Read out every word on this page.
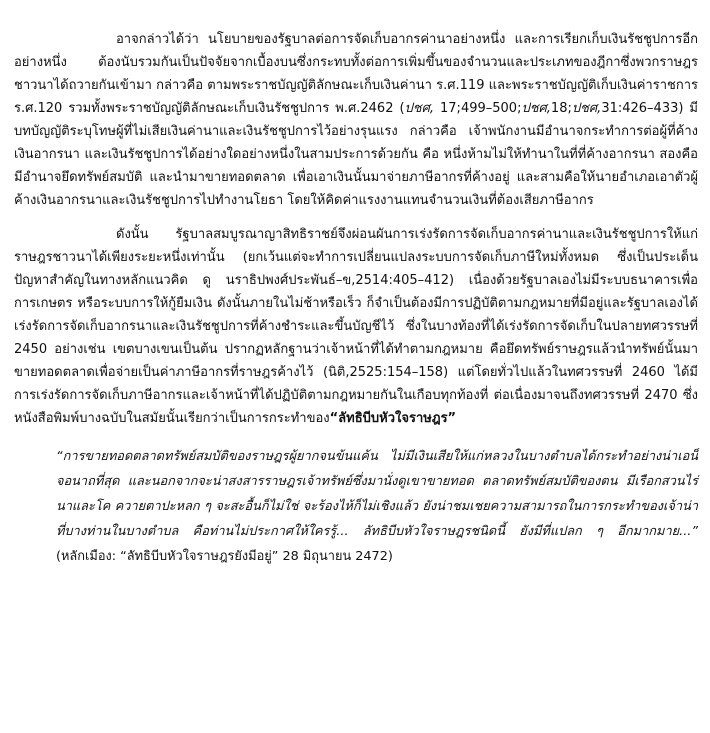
อาจกล่าวได้ว่า นโยบายของรัฐบาลต่อการจัดเก็บอากรค่านาอย่างหนึ่ง และการเรียกเก็บเงินรัชชูปการอีกอย่างหนึ่ง ต้องนับรวมกันเป็นปัจจัยจากเบื้องบนซึ่งกระทบทั้งต่อการเพิ่มขึ้นของจำนวนและประเภทของฎีกาซึ่งพวกราษฎรชาวนาได้ถวายกันเข้ามา กล่าวคือ ตามพระราชบัญญัติลักษณะเก็บเงินค่านา ร.ศ.119 และพระราชบัญญัติเก็บเงินค่าราชการ ร.ศ.120 รวมทั้งพระราชบัญญัติลักษณะเก็บเงินรัชชูปการ พ.ศ.2462 (ปชศ, 17;499–500;ปชศ,18;ปชศ,31:426–433) มีบทบัญญัติระบุโทษผู้ที่ไม่เสียเงินค่านาและเงินรัชชูปการไว้อย่างรุนแรง กล่าวคือ เจ้าพนักงานมีอำนาจกระทำการต่อผู้ที่ค้างเงินอากรนา และเงินรัชชูปการได้อย่างใดอย่างหนึ่งในสามประการด้วยกัน คือ หนึ่งห้ามไม่ให้ทำนาในที่ที่ค้างอากรนา สองคือมีอำนาจยึดทรัพย์สมบัติ และนำมาขายทอดตลาด เพื่อเอาเงินนั้นมาจ่ายภาษีอากรที่ค้างอยู่ และสามคือให้นายอำเภอเอาตัวผู้ค้างเงินอากรนาและเงินรัชชูปการไปทำงานโยธา โดยให้คิดค่าแรงงานแทนจำนวนเงินที่ต้องเสียภาษีอากร

ดังนั้น รัฐบาลสมบูรณาญาสิทธิราชย์จึงผ่อนผันการเร่งรัดการจัดเก็บอากรค่านาและเงินรัชชูปการให้แก่ราษฎรชาวนาได้เพียงระยะหนึ่งเท่านั้น (ยกเว้นแต่จะทำการเปลี่ยนแปลงระบบการจัดเก็บภาษีใหม่ทั้งหมด ซึ่งเป็นประเด็นปัญหาสำคัญในทางหลักแนวคิด ดู นราธิปพงศ์ประพันธ์–ข,2514:405–412) เนื่องด้วยรัฐบาลเองไม่มีระบบธนาคารเพื่อการเกษตร หรือระบบการให้กู้ยืมเงิน ดังนั้นภายในไม่ช้าหรือเร็ว ก็จำเป็นต้องมีการปฏิบัติตามกฎหมายที่มีอยู่และรัฐบาลเองได้เร่งรัดการจัดเก็บอากรนาและเงินรัชชูปการที่ค้างชำระและขึ้นบัญชีไว้ ซึ่งในบางท้องที่ได้เร่งรัดการจัดเก็บในปลายทศวรรษที่ 2450 อย่างเช่น เขตบางเขนเป็นต้น ปรากฏหลักฐานว่าเจ้าหน้าที่ได้ทำตามกฎหมาย คือยึดทรัพย์ราษฎรแล้วนำทรัพย์นั้นมาขายทอดตลาดเพื่อจ่ายเป็นค่าภาษีอากรที่ราษฎรค้างไว้ (นิติ,2525:154–158) แต่โดยทั่วไปแล้วในทศวรรษที่ 2460 ได้มีการเร่งรัดการจัดเก็บภาษีอากรและเจ้าหน้าที่ได้ปฏิบัติตามกฎหมายกันในเกือบทุกท้องที่ ต่อเนื่องมาจนถึงทศวรรษที่ 2470 ซึ่งหนังสือพิมพ์บางฉบับในสมัยนั้นเรียกว่าเป็นการกระทำของ“ลัทธิบีบหัวใจราษฎร”

“การขายทอดตลาดทรัพย์สมบัติของราษฎรผู้ยากจนข้นแค้น ไม่มีเงินเสียให้แก่หลวงในบางตำบลได้กระทำอย่างน่าเอน็จอนาถที่สุด และนอกจากจะน่าสงสารราษฎรเจ้าทรัพย์ซึ่งมานั่งดูเขาขายทอด ตลาดทรัพย์สมบัติของตน มีเรือกสวนไร่นาและโค ควายตาปะหลก ๆ จะสะอื้นก็ไม่ใช่ จะร้องไห้ก็ไม่เชิงแล้ว ยังน่าชมเชยความสามารถในการกระทำของเจ้าน่าที่บางท่านในบางตำบล คือท่านไม่ประกาศให้ใครรู้... ลัทธิบีบหัวใจราษฎรชนิดนี้ ยังมีที่แปลก ๆ อีกมากมาย...” (หลักเมือง: “ลัทธิบีบหัวใจราษฎรยังมีอยู่” 28 มิถุนายน 2472)
